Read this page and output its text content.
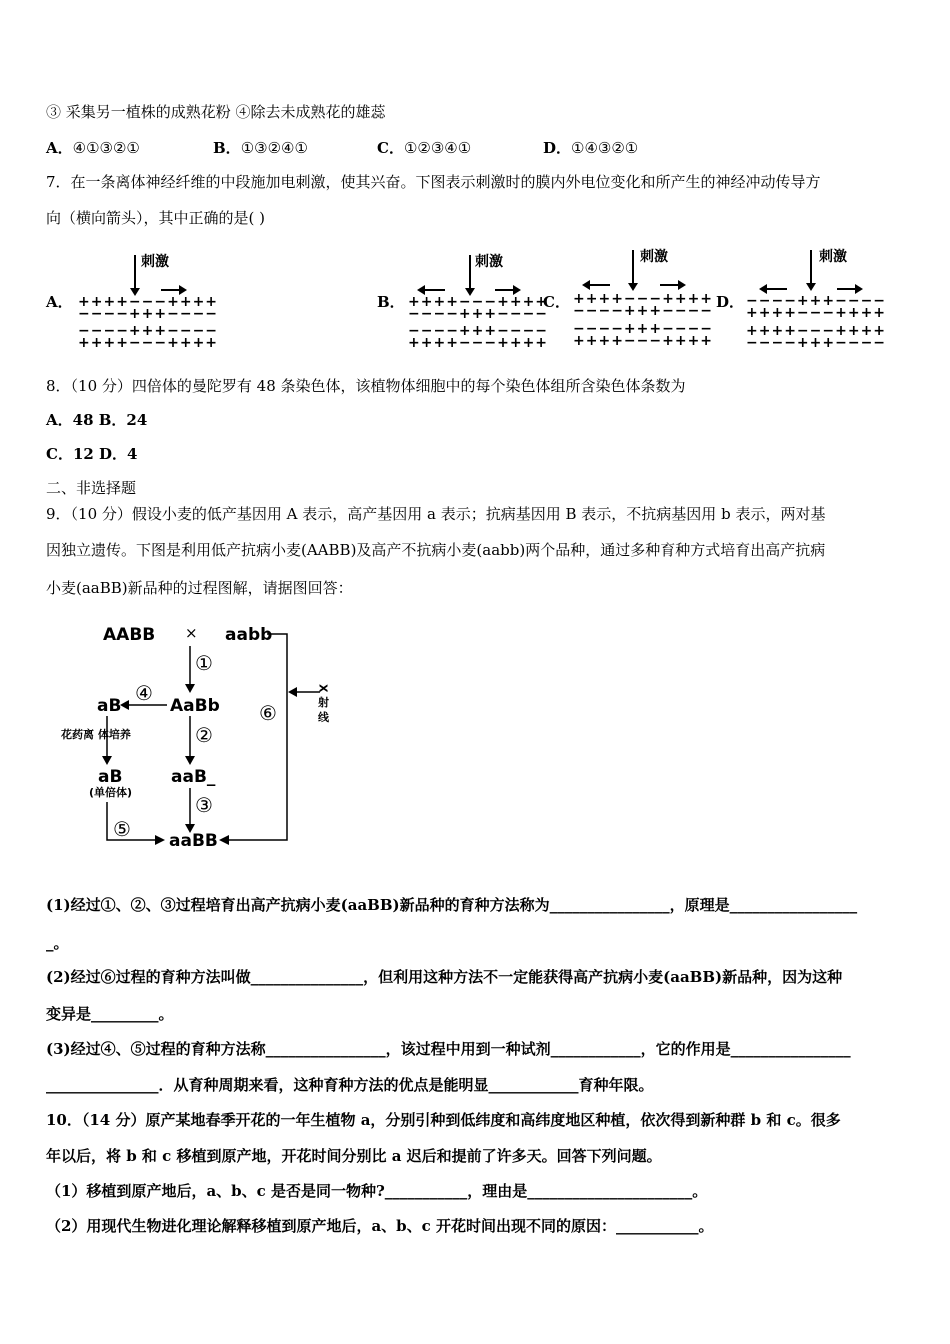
③ 采集另一植株的成熟花粉 ④除去未成熟花的雄蕊
A．④①③②①	B．①③②④①	C．①②③④①	D．①④③②①
7．在一条离体神经纤维的中段施加电刺激，使其兴奋。下图表示刺激时的膜内外电位变化和所产生的神经冲动传导方
向（横向箭头），其中正确的是( )
A．	B．	C．	D．
刺激
++++−−−++++
−−−−+++−−−−
−−−−+++−−−−
++++−−−++++
刺激
++++−−−++++
−−−−+++−−−−
−−−−+++−−−−
++++−−−++++
刺激
++++−−−++++
−−−−+++−−−−
−−−−+++−−−−
++++−−−++++
刺激
−−−−+++−−−−
++++−−−++++
++++−−−++++
−−−−+++−−−−
8．（10 分）四倍体的曼陀罗有 48 条染色体，该植物体细胞中的每个染色体组所含染色体条数为
A．48 B．24
C．12 D．4
二、非选择题
9．（10 分）假设小麦的低产基因用 A 表示，高产基因用 a 表示；抗病基因用 B 表示，不抗病基因用 b 表示，两对基
因独立遗传。下图是利用低产抗病小麦(AABB)及高产不抗病小麦(aabb)两个品种，通过多种育种方式培育出高产抗病
小麦(aaBB)新品种的过程图解，请据图回答：
AABB × aabb
X 射 线
⑥
①
AaBb
④
aB
花药离 体培养
aB
(单倍体)
⑤
②
aaB_
③
aaBB
(1)经过①、②、③过程培育出高产抗病小麦(aaBB)新品种的育种方法称为________________，原理是_________________
_。
(2)经过⑥过程的育种方法叫做_______________，但利用这种方法不一定能获得高产抗病小麦(aaBB)新品种，因为这种
变异是_________。
(3)经过④、⑤过程的育种方法称________________，该过程中用到一种试剂____________，它的作用是________________
_______________．从育种周期来看，这种育种方法的优点是能明显____________育种年限。
10．（14 分）原产某地春季开花的一年生植物 a，分别引种到低纬度和高纬度地区种植，依次得到新种群 b 和 c。很多
年以后，将 b 和 c 移植到原产地，开花时间分别比 a 迟后和提前了许多天。回答下列问题。
（1）移植到原产地后，a、b、c 是否是同一物种?___________，理由是______________________。
（2）用现代生物进化理论解释移植到原产地后，a、b、c 开花时间出现不同的原因：___________。
